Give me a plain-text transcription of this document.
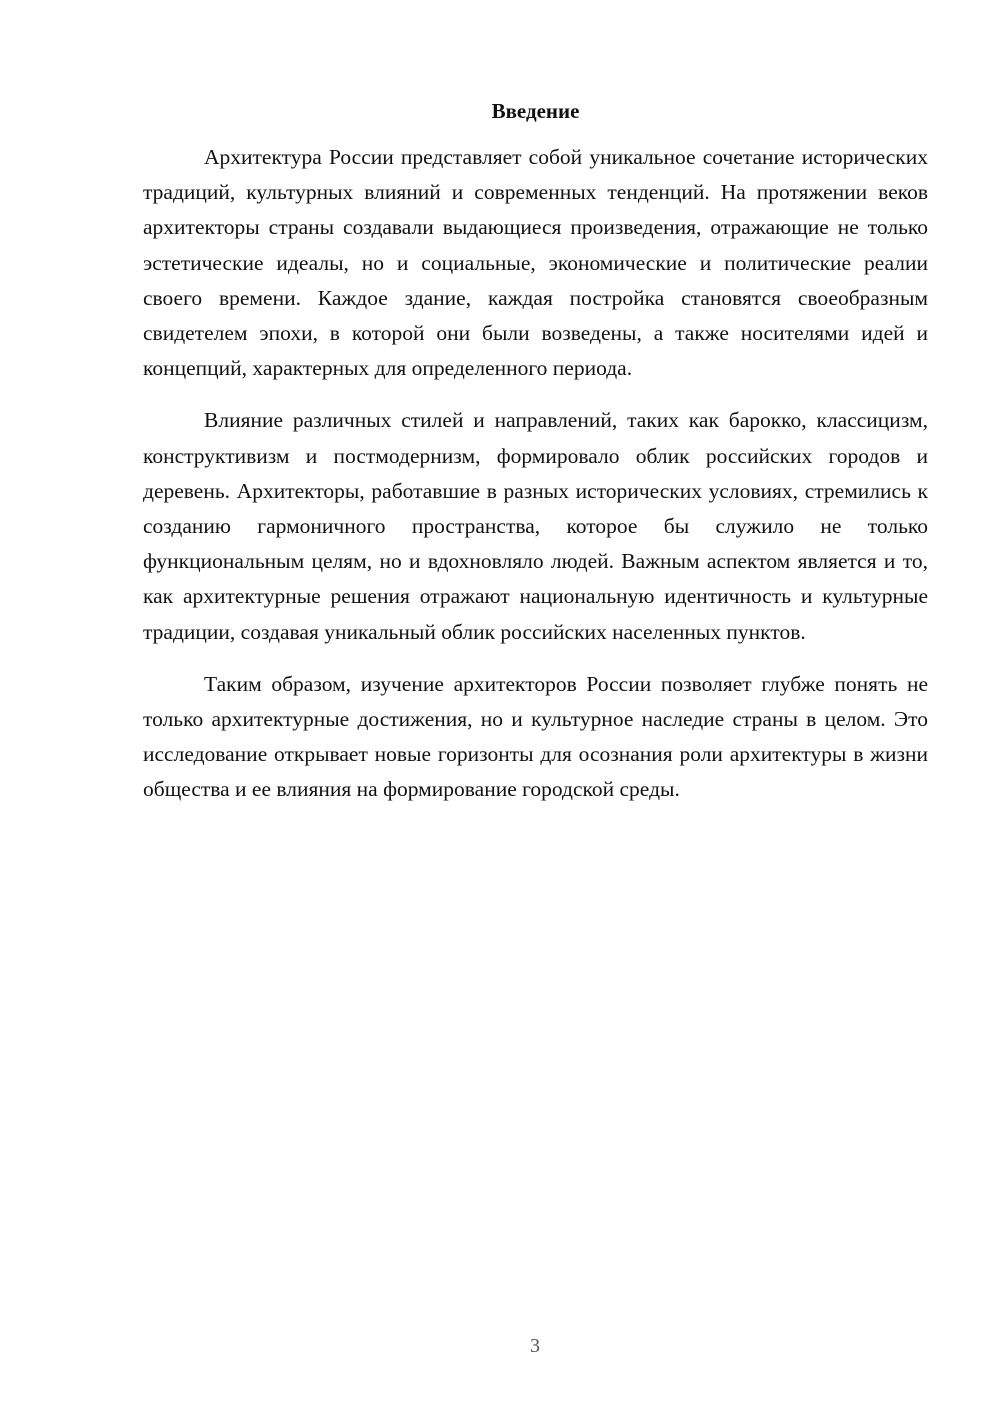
Введение

Архитектура России представляет собой уникальное сочетание исторических традиций, культурных влияний и современных тенденций. На протяжении веков архитекторы страны создавали выдающиеся произведения, отражающие не только эстетические идеалы, но и социальные, экономические и политические реалии своего времени. Каждое здание, каждая постройка становятся своеобразным свидетелем эпохи, в которой они были возведены, а также носителями идей и концепций, характерных для определенного периода.

Влияние различных стилей и направлений, таких как барокко, классицизм, конструктивизм и постмодернизм, формировало облик российских городов и деревень. Архитекторы, работавшие в разных исторических условиях, стремились к созданию гармоничного пространства, которое бы служило не только функциональным целям, но и вдохновляло людей. Важным аспектом является и то, как архитектурные решения отражают национальную идентичность и культурные традиции, создавая уникальный облик российских населенных пунктов.

Таким образом, изучение архитекторов России позволяет глубже понять не только архитектурные достижения, но и культурное наследие страны в целом. Это исследование открывает новые горизонты для осознания роли архитектуры в жизни общества и ее влияния на формирование городской среды.

3
